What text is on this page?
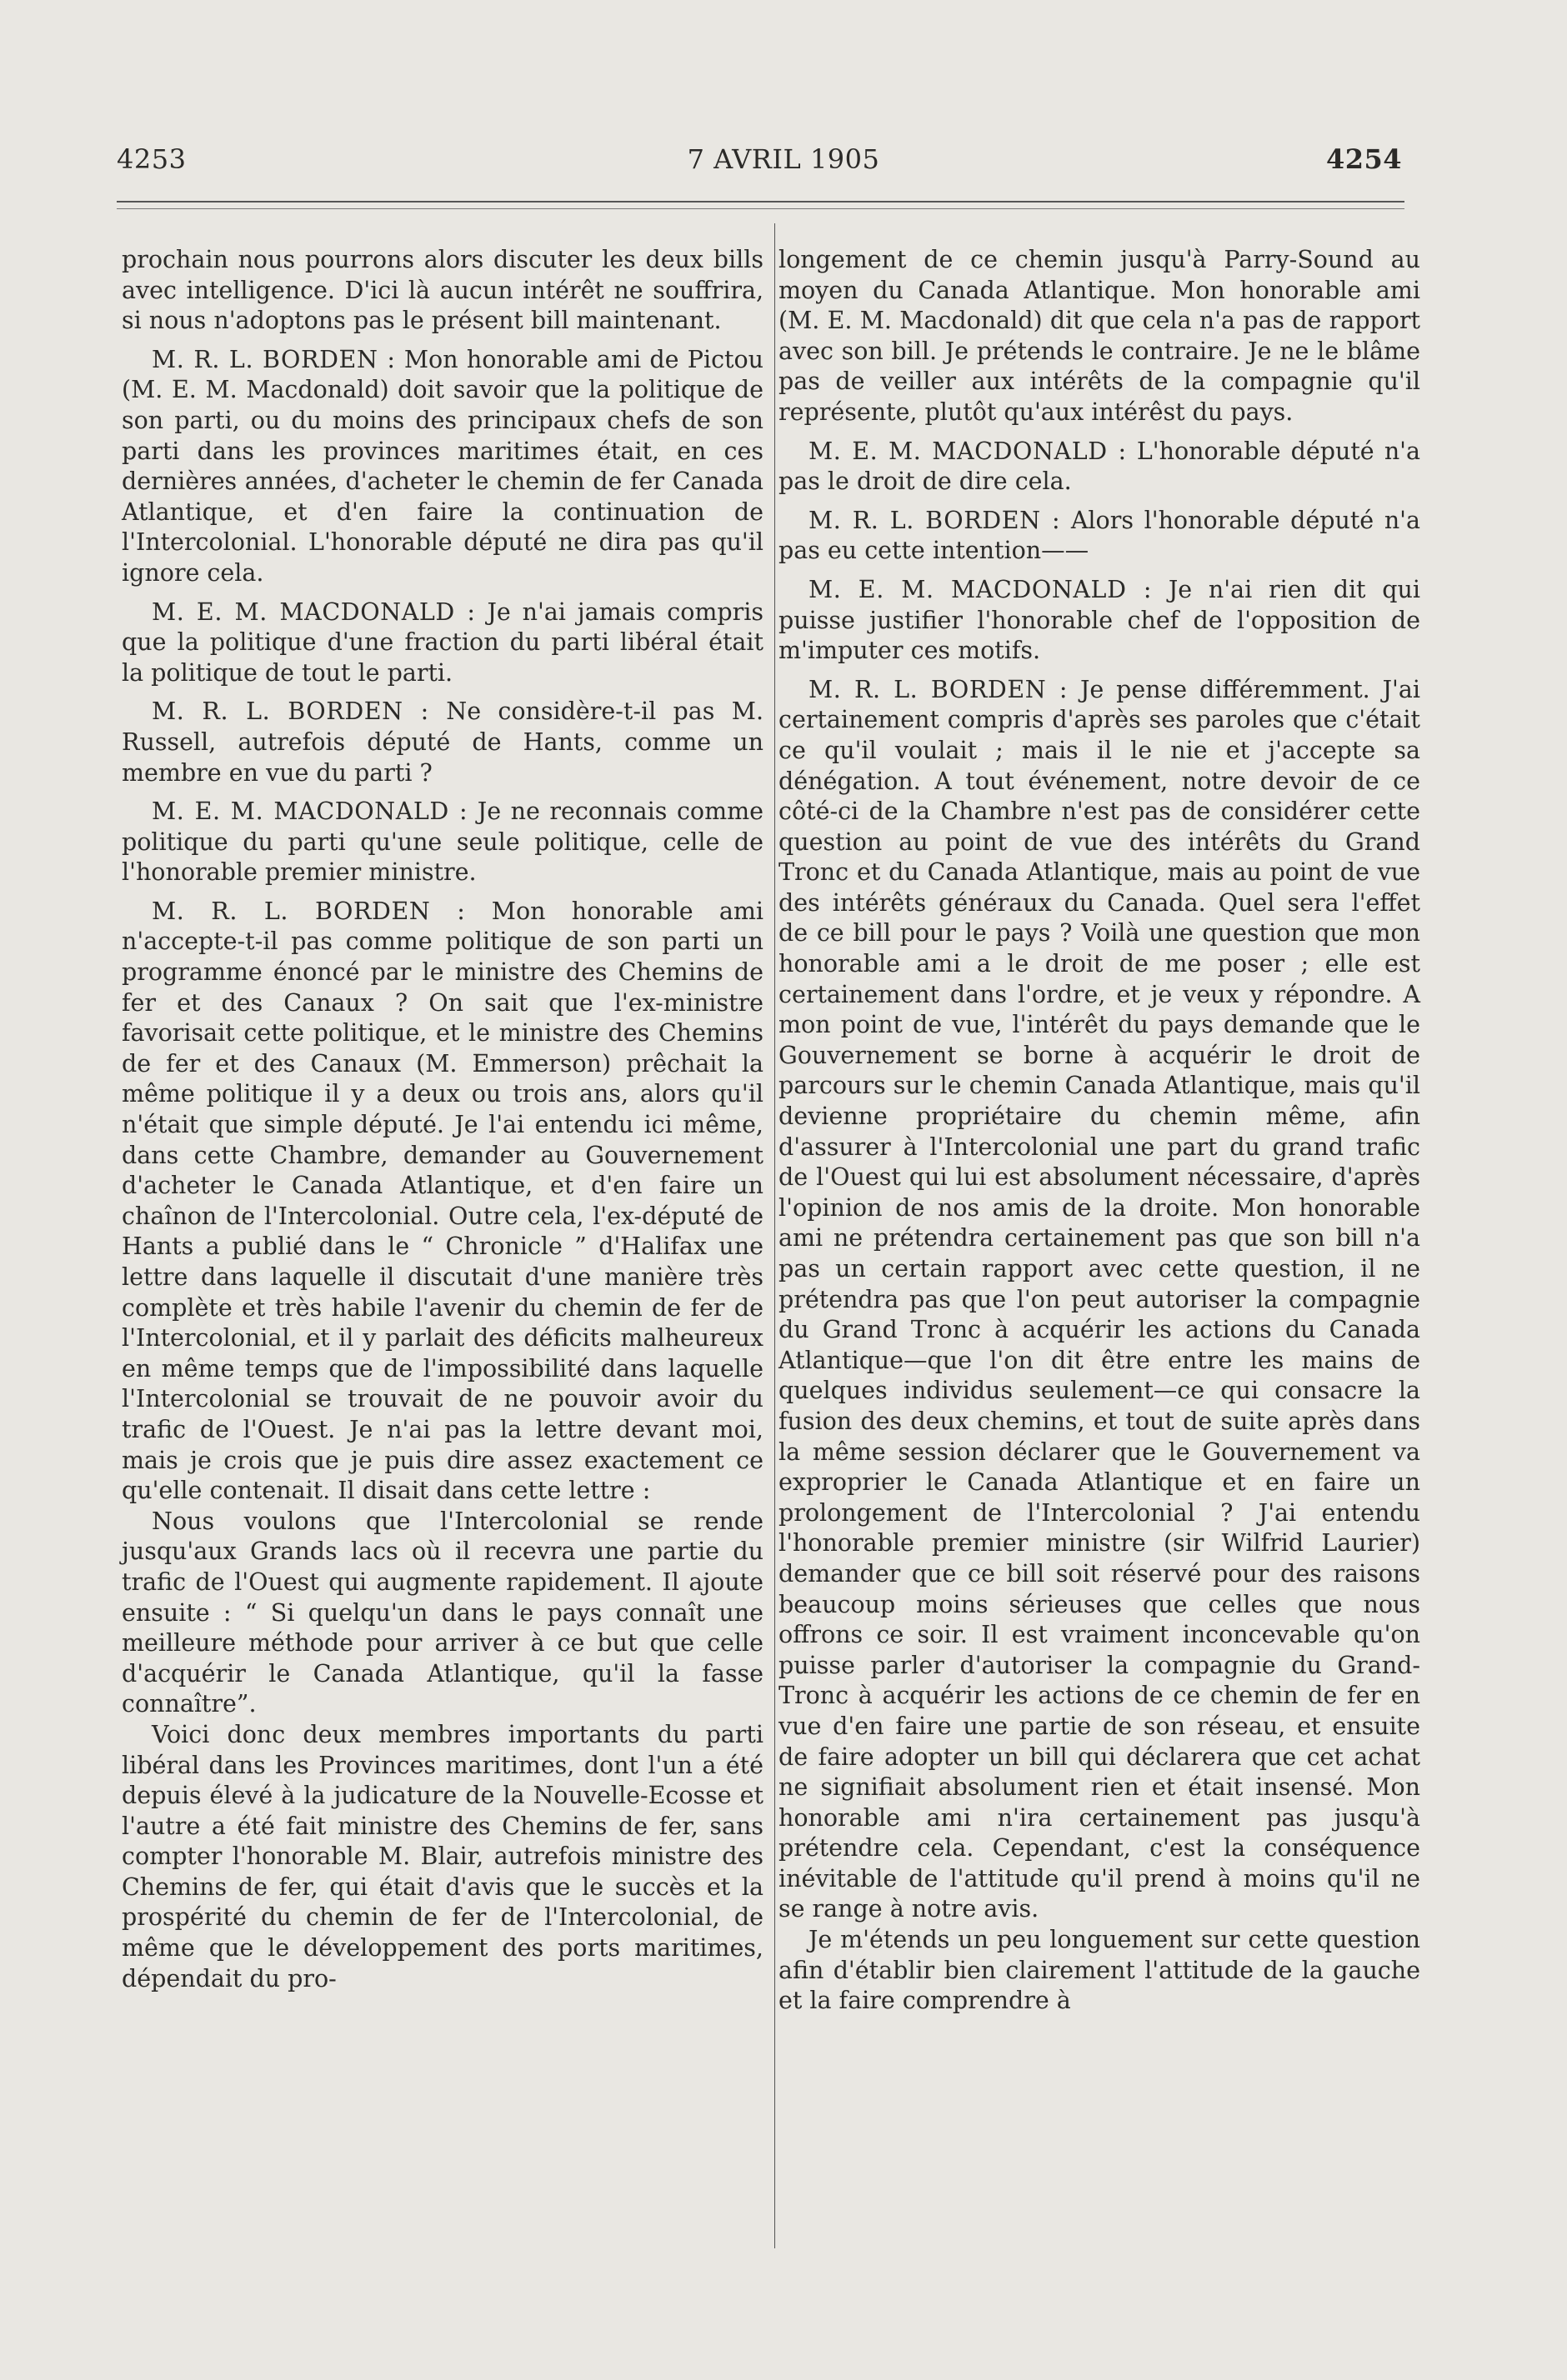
4253	7 AVRIL 1905	4254

prochain nous pourrons alors discuter les deux bills avec intelligence. D'ici là aucun intérêt ne souffrira, si nous n'adoptons pas le présent bill maintenant.

M. R. L. BORDEN : Mon honorable ami de Pictou (M. E. M. Macdonald) doit savoir que la politique de son parti, ou du moins des principaux chefs de son parti dans les provinces maritimes était, en ces dernières années, d'acheter le chemin de fer Canada Atlantique, et d'en faire la continuation de l'Intercolonial. L'honorable député ne dira pas qu'il ignore cela.

M. E. M. MACDONALD : Je n'ai jamais compris que la politique d'une fraction du parti libéral était la politique de tout le parti.

M. R. L. BORDEN : Ne considère-t-il pas M. Russell, autrefois député de Hants, comme un membre en vue du parti ?

M. E. M. MACDONALD : Je ne reconnais comme politique du parti qu'une seule politique, celle de l'honorable premier ministre.

M. R. L. BORDEN : Mon honorable ami n'accepte-t-il pas comme politique de son parti un programme énoncé par le ministre des Chemins de fer et des Canaux ? On sait que l'ex-ministre favorisait cette politique, et le ministre des Chemins de fer et des Canaux (M. Emmerson) prêchait la même politique il y a deux ou trois ans, alors qu'il n'était que simple député. Je l'ai entendu ici même, dans cette Chambre, demander au Gouvernement d'acheter le Canada Atlantique, et d'en faire un chaînon de l'Intercolonial. Outre cela, l'ex-député de Hants a publié dans le “ Chronicle ” d'Halifax une lettre dans laquelle il discutait d'une manière très complète et très habile l'avenir du chemin de fer de l'Intercolonial, et il y parlait des déficits malheureux en même temps que de l'impossibilité dans laquelle l'Intercolonial se trouvait de ne pouvoir avoir du trafic de l'Ouest. Je n'ai pas la lettre devant moi, mais je crois que je puis dire assez exactement ce qu'elle contenait. Il disait dans cette lettre :

Nous voulons que l'Intercolonial se rende jusqu'aux Grands lacs où il recevra une partie du trafic de l'Ouest qui augmente rapidement. Il ajoute ensuite : “ Si quelqu'un dans le pays connaît une meilleure méthode pour arriver à ce but que celle d'acquérir le Canada Atlantique, qu'il la fasse connaître”.

Voici donc deux membres importants du parti libéral dans les Provinces maritimes, dont l'un a été depuis élevé à la judicature de la Nouvelle-Ecosse et l'autre a été fait ministre des Chemins de fer, sans compter l'honorable M. Blair, autrefois ministre des Chemins de fer, qui était d'avis que le succès et la prospérité du chemin de fer de l'Intercolonial, de même que le développement des ports maritimes, dépendait du pro-

longement de ce chemin jusqu'à Parry-Sound au moyen du Canada Atlantique. Mon honorable ami (M. E. M. Macdonald) dit que cela n'a pas de rapport avec son bill. Je prétends le contraire. Je ne le blâme pas de veiller aux intérêts de la compagnie qu'il représente, plutôt qu'aux intérêst du pays.

M. E. M. MACDONALD : L'honorable député n'a pas le droit de dire cela.

M. R. L. BORDEN : Alors l'honorable député n'a pas eu cette intention——

M. E. M. MACDONALD : Je n'ai rien dit qui puisse justifier l'honorable chef de l'opposition de m'imputer ces motifs.

M. R. L. BORDEN : Je pense différemment. J'ai certainement compris d'après ses paroles que c'était ce qu'il voulait ; mais il le nie et j'accepte sa dénégation. A tout événement, notre devoir de ce côté-ci de la Chambre n'est pas de considérer cette question au point de vue des intérêts du Grand Tronc et du Canada Atlantique, mais au point de vue des intérêts généraux du Canada. Quel sera l'effet de ce bill pour le pays ? Voilà une question que mon honorable ami a le droit de me poser ; elle est certainement dans l'ordre, et je veux y répondre. A mon point de vue, l'intérêt du pays demande que le Gouvernement se borne à acquérir le droit de parcours sur le chemin Canada Atlantique, mais qu'il devienne propriétaire du chemin même, afin d'assurer à l'Intercolonial une part du grand trafic de l'Ouest qui lui est absolument nécessaire, d'après l'opinion de nos amis de la droite. Mon honorable ami ne prétendra certainement pas que son bill n'a pas un certain rapport avec cette question, il ne prétendra pas que l'on peut autoriser la compagnie du Grand Tronc à acquérir les actions du Canada Atlantique—que l'on dit être entre les mains de quelques individus seulement—ce qui consacre la fusion des deux chemins, et tout de suite après dans la même session déclarer que le Gouvernement va exproprier le Canada Atlantique et en faire un prolongement de l'Intercolonial ? J'ai entendu l'honorable premier ministre (sir Wilfrid Laurier) demander que ce bill soit réservé pour des raisons beaucoup moins sérieuses que celles que nous offrons ce soir. Il est vraiment inconcevable qu'on puisse parler d'autoriser la compagnie du Grand-Tronc à acquérir les actions de ce chemin de fer en vue d'en faire une partie de son réseau, et ensuite de faire adopter un bill qui déclarera que cet achat ne signifiait absolument rien et était insensé. Mon honorable ami n'ira certainement pas jusqu'à prétendre cela. Cependant, c'est la conséquence inévitable de l'attitude qu'il prend à moins qu'il ne se range à notre avis.

Je m'étends un peu longuement sur cette question afin d'établir bien clairement l'attitude de la gauche et la faire comprendre à
